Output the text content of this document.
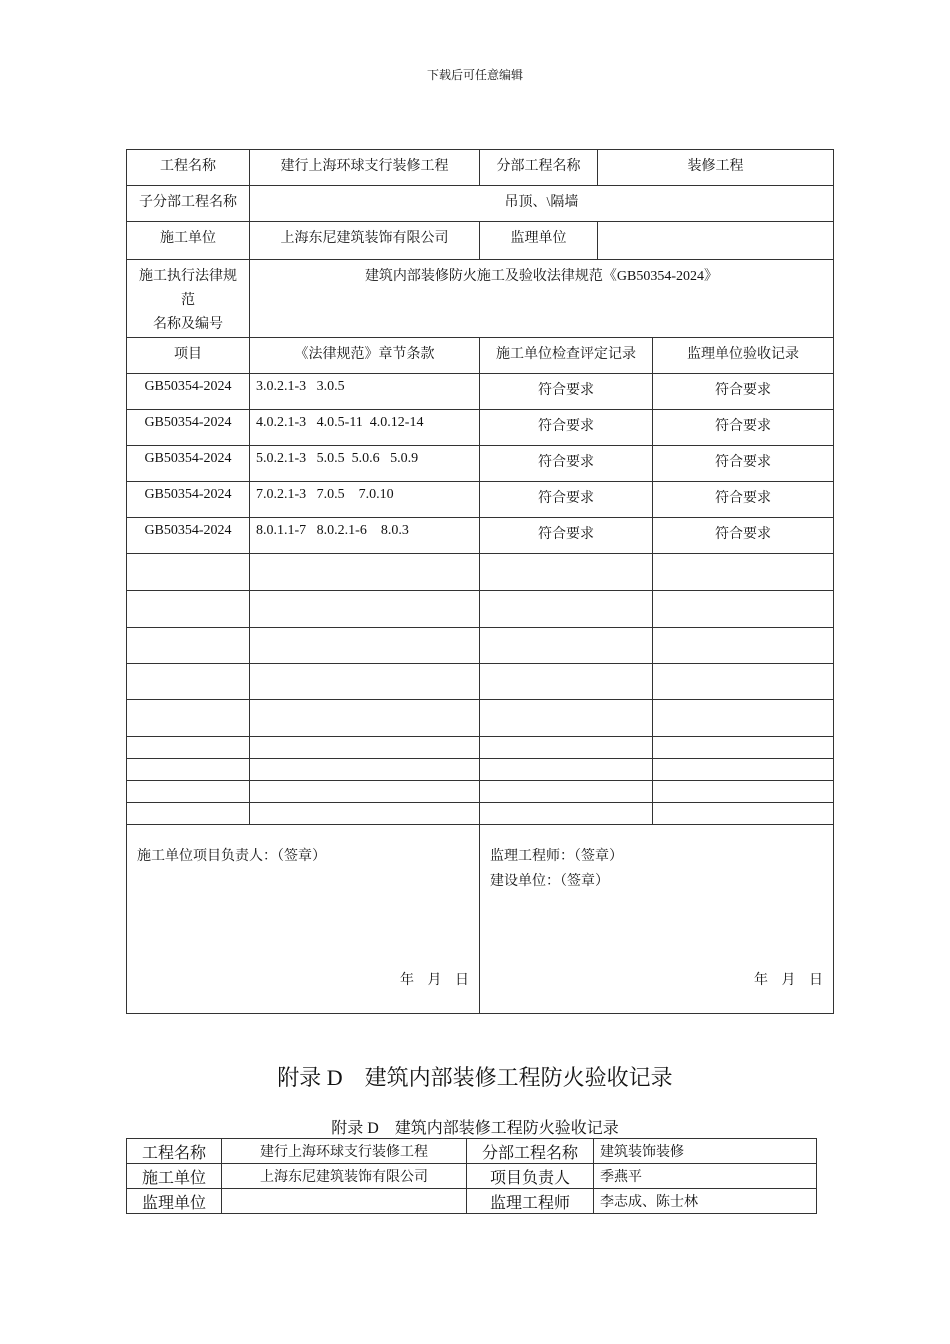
下载后可任意编辑
工程名称	建行上海环球支行装修工程	分部工程名称	装修工程	
子分部工程名称	吊顶、\隔墙			
施工单位	上海东尼建筑装饰有限公司	监理单位		

施工执行法律规
范
名称及编号	建筑内部装修防火施工及验收法律规范《GB50354-2024》			
项目	《法律规范》章节条款	施工单位检查评定记录		监理单位验收记录
GB50354-2024	3.0.2.1-3   3.0.5	符合要求		符合要求
GB50354-2024	4.0.2.1-3   4.0.5-11  4.0.12-14	符合要求		符合要求
GB50354-2024	5.0.2.1-3   5.0.5  5.0.6   5.0.9	符合要求		符合要求
GB50354-2024	7.0.2.1-3   7.0.5    7.0.10	符合要求		符合要求
GB50354-2024	8.0.1.1-7   8.0.2.1-6    8.0.3	符合要求		符合要求

施工单位项目负责人：（签章）
年 月 日		监理工程师：（签章）
建设单位：（签章）
年 月 日		
附录 D　建筑内部装修工程防火验收记录
附录 D　建筑内部装修工程防火验收记录
工程名称	建行上海环球支行装修工程	分部工程名称	建筑装饰装修
施工单位	上海东尼建筑装饰有限公司	项目负责人	季燕平
监理单位		监理工程师	李志成、陈士林
